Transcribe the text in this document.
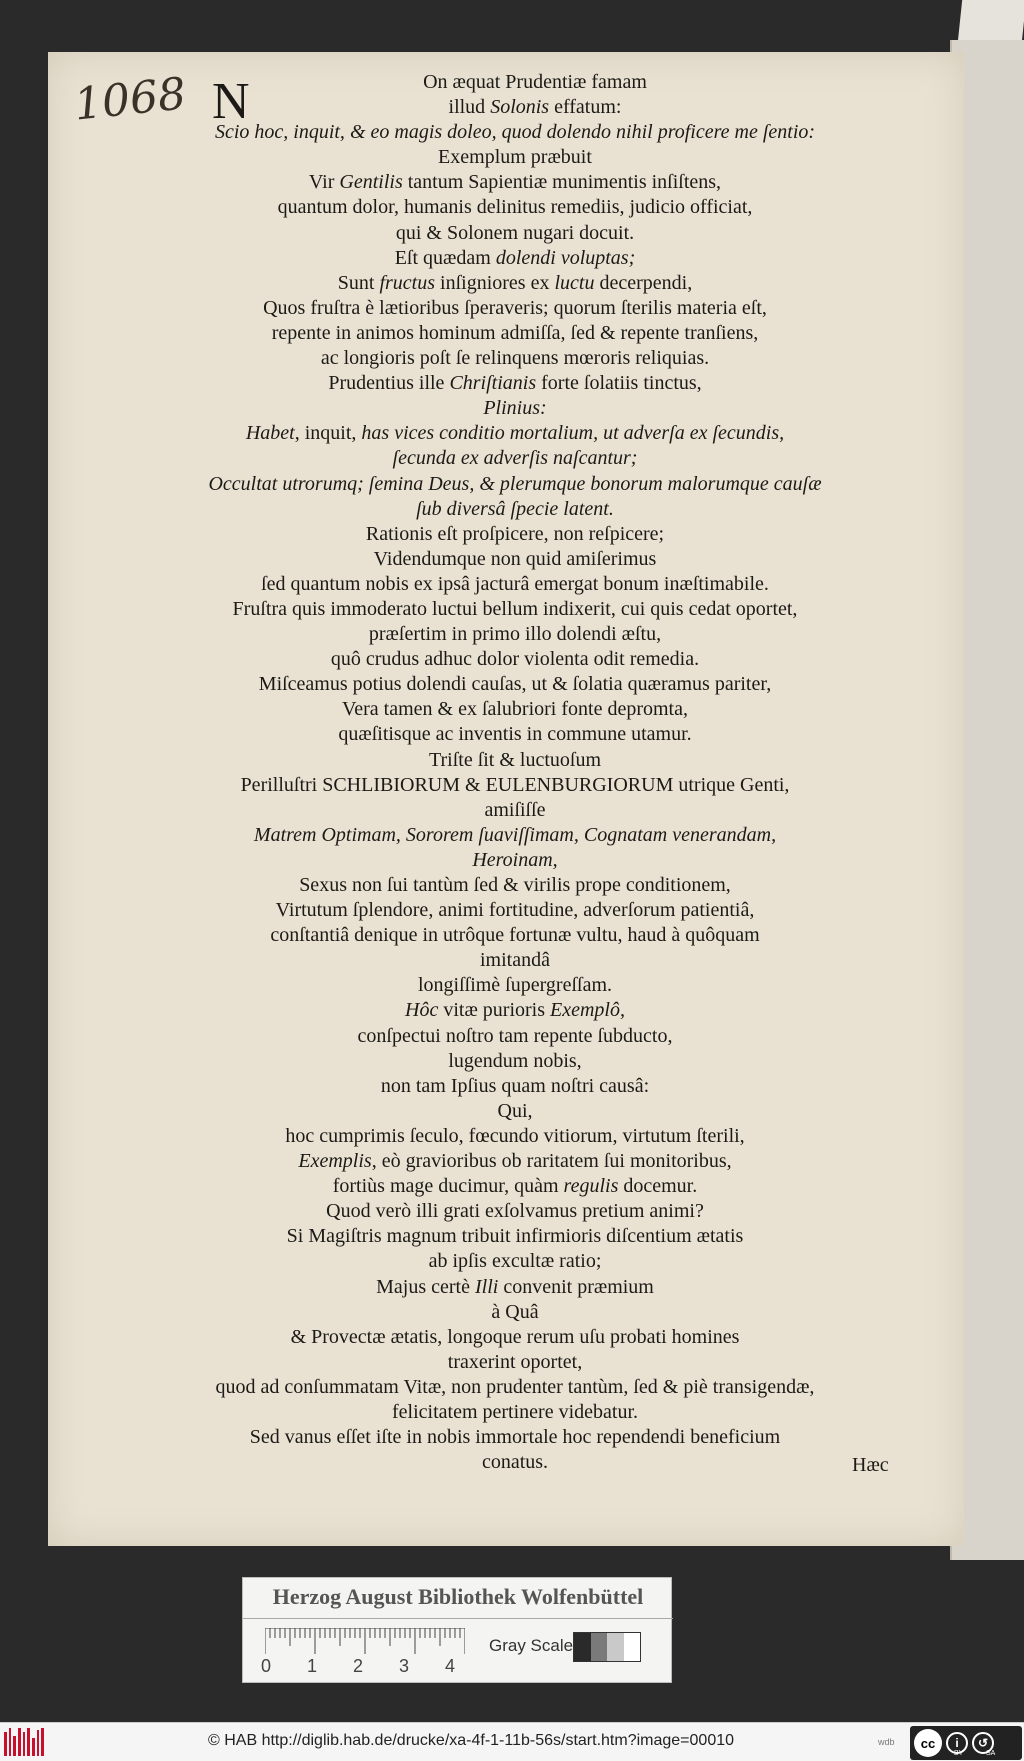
1068 N	On æquat Prudentiæ famam
illud Solonis effatum:
Scio hoc, inquit, & eo magis doleo, quod dolendo nihil proficere me ſentio:
Exemplum præbuit
Vir Gentilis tantum Sapientiæ munimentis inſiſtens,
quantum dolor, humanis delinitus remediis, judicio officiat,
qui & Solonem nugari docuit.
Eſt quædam dolendi voluptas;
Sunt fructus inſigniores ex luctu decerpendi,
Quos fruſtra è lætioribus ſperaveris; quorum ſterilis materia eſt,
repente in animos hominum admiſſa, ſed & repente tranſiens,
ac longioris poſt ſe relinquens mœroris reliquias.
Prudentius ille Chriſtianis forte ſolatiis tinctus,
Plinius:
Habet, inquit, has vices conditio mortalium, ut adverſa ex ſecundis,
ſecunda ex adverſis naſcantur;
Occultat utrorumq; ſemina Deus, & plerumque bonorum malorumque cauſæ
ſub diversâ ſpecie latent.
Rationis eſt proſpicere, non reſpicere;
Videndumque non quid amiſerimus
ſed quantum nobis ex ipsâ jacturâ emergat bonum inæſtimabile.
Fruſtra quis immoderato luctui bellum indixerit, cui quis cedat oportet,
præſertim in primo illo dolendi æſtu,
quô crudus adhuc dolor violenta odit remedia.
Miſceamus potius dolendi cauſas, ut & ſolatia quæramus pariter,
Vera tamen & ex ſalubriori fonte depromta,
quæſitisque ac inventis in commune utamur.
Triſte ſit & luctuoſum
Perilluſtri SCHLIBIORUM & EULENBURGIORUM utrique Genti,
amiſiſſe
Matrem Optimam, Sororem ſuaviſſimam, Cognatam venerandam,
Heroinam,
Sexus non ſui tantùm ſed & virilis prope conditionem,
Virtutum ſplendore, animi fortitudine, adverſorum patientiâ,
conſtantiâ denique in utrôque fortunæ vultu, haud à quôquam
imitandâ
longiſſimè ſupergreſſam.
Hôc vitæ purioris Exemplô,
conſpectui noſtro tam repente ſubducto,
lugendum nobis,
non tam Ipſius quam noſtri causâ:
Qui,
hoc cumprimis ſeculo, fœcundo vitiorum, virtutum ſterili,
Exemplis, eò gravioribus ob raritatem ſui monitoribus,
fortiùs mage ducimur, quàm regulis docemur.
Quod verò illi grati exſolvamus pretium animi?
Si Magiſtris magnum tribuit infirmioris diſcentium ætatis
ab ipſis excultæ ratio;
Majus certè Illi convenit præmium
à Quâ
& Provectæ ætatis, longoque rerum uſu probati homines
traxerint oportet,
quod ad conſummatam Vitæ, non prudenter tantùm, ſed & piè transigendæ,
felicitatem pertinere videbatur.
Sed vanus eſſet iſte in nobis immortale hoc rependendi beneficium
conatus.	Hæc
Herzog August Bibliothek Wolfenbüttel
0 1 2 3 4
Gray Scale
© HAB http://diglib.hab.de/drucke/xa-4f-1-11b-56s/start.htm?image=00010	wdb	cc	i	↺
BY	SA
